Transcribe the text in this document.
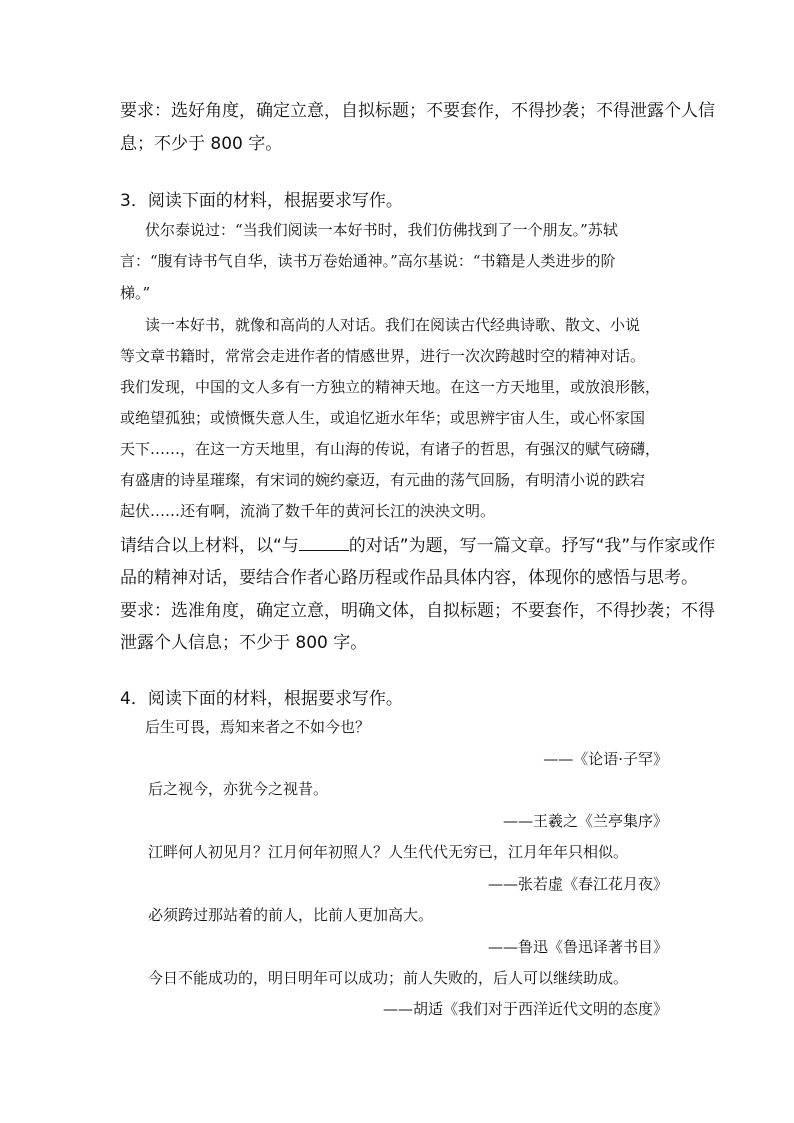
要求：选好角度，确定立意，自拟标题；不要套作，不得抄袭；不得泄露个人信
息；不少于 800 字。
3．阅读下面的材料，根据要求写作。
伏尔泰说过：“当我们阅读一本好书时，我们仿佛找到了一个朋友。”苏轼
言：“腹有诗书气自华，读书万卷始通神。”高尔基说：“书籍是人类进步的阶
梯。”
读一本好书，就像和高尚的人对话。我们在阅读古代经典诗歌、散文、小说
等文章书籍时，常常会走进作者的情感世界，进行一次次跨越时空的精神对话。
我们发现，中国的文人多有一方独立的精神天地。在这一方天地里，或放浪形骸，
或绝望孤独；或愤慨失意人生，或追忆逝水年华；或思辨宇宙人生，或心怀家国
天下……，在这一方天地里，有山海的传说，有诸子的哲思，有强汉的赋气磅礴，
有盛唐的诗星璀璨，有宋词的婉约豪迈，有元曲的荡气回肠，有明清小说的跌宕
起伏……还有啊，流淌了数千年的黄河长江的泱泱文明。
请结合以上材料，以“与	的对话”为题，写一篇文章。抒写“我”与作家或作
品的精神对话，要结合作者心路历程或作品具体内容，体现你的感悟与思考。
要求：选准角度，确定立意，明确文体，自拟标题；不要套作，不得抄袭；不得
泄露个人信息；不少于 800 字。
4．阅读下面的材料，根据要求写作。
后生可畏，焉知来者之不如今也？
——《论语·子罕》
后之视今，亦犹今之视昔。
——王羲之《兰亭集序》
江畔何人初见月？江月何年初照人？人生代代无穷已，江月年年只相似。
——张若虚《春江花月夜》
必须跨过那站着的前人，比前人更加高大。
——鲁迅《鲁迅译著书目》
今日不能成功的，明日明年可以成功；前人失败的，后人可以继续助成。
——胡适《我们对于西洋近代文明的态度》
